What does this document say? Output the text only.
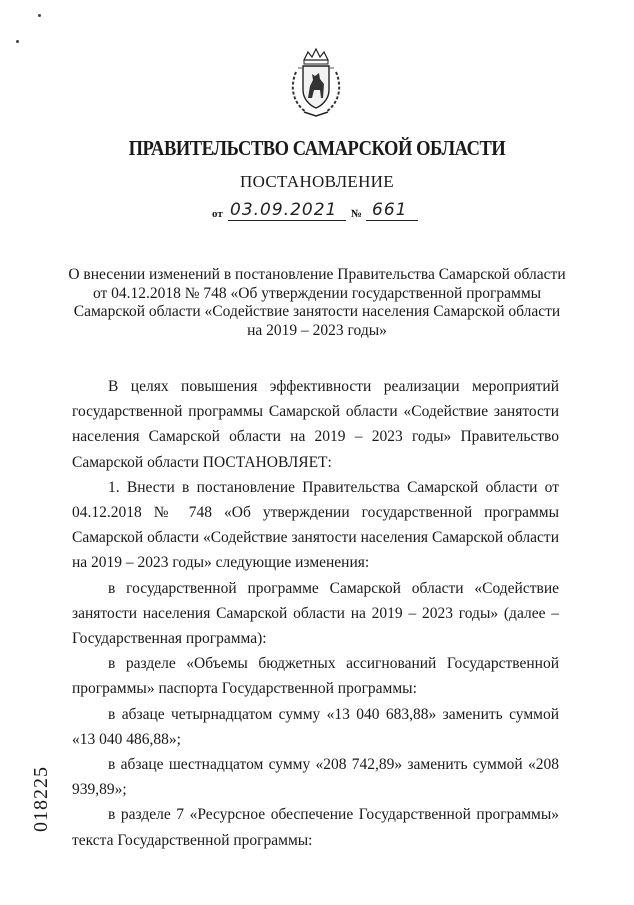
ПРАВИТЕЛЬСТВО САМАРСКОЙ ОБЛАСТИ
ПОСТАНОВЛЕНИЕ
от 03.09.2021 № 661
О внесении изменений в постановление Правительства Самарской области
от 04.12.2018 № 748 «Об утверждении государственной программы
Самарской области «Содействие занятости населения Самарской области
на 2019 – 2023 годы»

В целях повышения эффективности реализации мероприятий государственной программы Самарской области «Содействие занятости населения Самарской области на 2019 – 2023 годы» Правительство Самарской области ПОСТАНОВЛЯЕТ:

1. Внести в постановление Правительства Самарской области от 04.12.2018 № 748 «Об утверждении государственной программы Самарской области «Содействие занятости населения Самарской области на 2019 – 2023 годы» следующие изменения:

в государственной программе Самарской области «Содействие занятости населения Самарской области на 2019 – 2023 годы» (далее – Государственная программа):

в разделе «Объемы бюджетных ассигнований Государственной программы» паспорта Государственной программы:

в абзаце четырнадцатом сумму «13 040 683,88» заменить суммой «13 040 486,88»;

в абзаце шестнадцатом сумму «208 742,89» заменить суммой «208 939,89»;

в разделе 7 «Ресурсное обеспечение Государственной программы» текста Государственной программы:

018225
